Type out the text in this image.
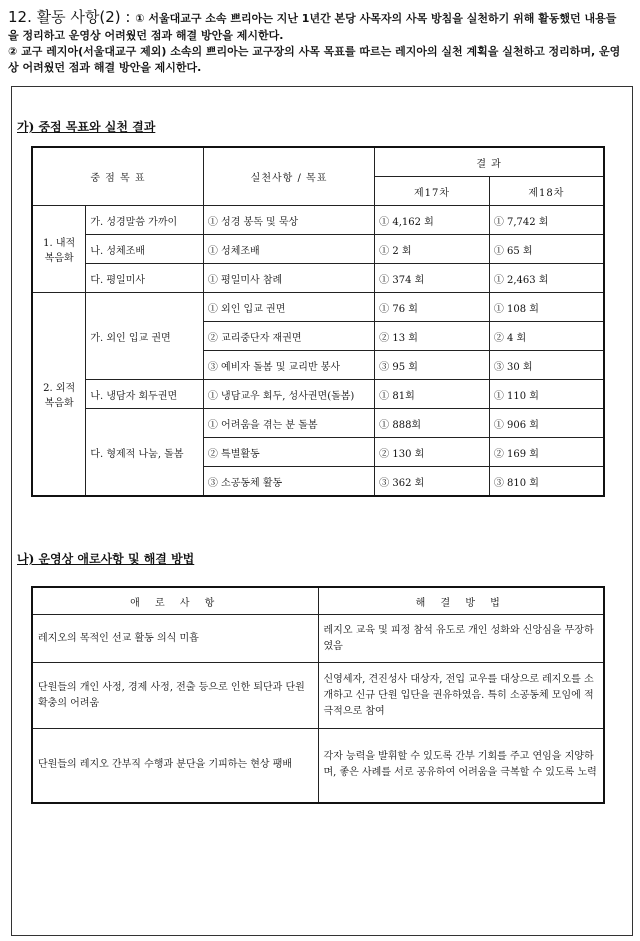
12. 활동 사항(2) : ① 서울대교구 소속 쁘리아는 지난 1년간 본당 사목자의 사목 방침을 실천하기 위해 활동했던 내용들
을 정리하고 운영상 어려웠던 점과 해결 방안을 제시한다.
② 교구 레지아(서울대교구 제외) 소속의 쁘리아는 교구장의 사목 목표를 따르는 레지아의 실천 계획을 실천하고 정리하며, 운영
상 어려웠던 점과 해결 방안을 제시한다.
가) 중점 목표와 실천 결과
중 점 목 표		실천사항 / 목표	결 과	
			제17차	제18차
1. 내적
복음화	가. 성경말씀 가까이	① 성경 봉독 및 묵상	① 4,162 회	① 7,742 회
	나. 성체조배	① 성체조배	① 2 회	① 65 회
	다. 평일미사	① 평일미사 참례	① 374 회	① 2,463 회
2. 외적
복음화	가. 외인 입교 권면	① 외인 입교 권면	① 76 회	① 108 회
		② 교리중단자 재권면	② 13 회	② 4 회
		③ 예비자 돌봄 및 교리반 봉사	③ 95 회	③ 30 회
	나. 냉담자 회두권면	① 냉담교우 회두, 성사권면(돌봄)	① 81회	① 110 회
	다. 형제적 나눔, 돌봄	① 어려움을 겪는 분 돌봄	① 888회	① 906 회
		② 특별활동	② 130 회	② 169 회
		③ 소공동체 활동	③ 362 회	③ 810 회
나) 운영상 애로사항 및 해결 방법
애 로 사 항	해 결 방 법
레지오의 목적인 선교 활동 의식 미흡	레지오 교육 및 피정 참석 유도로 개인 성화와 신앙심을 무장하였음
단원들의 개인 사정, 경제 사정, 전출 등으로 인한 퇴단과 단원 확충의 어려움	신영세자, 견진성사 대상자, 전입 교우를 대상으로 레지오를 소개하고 신규 단원 입단을 권유하였음. 특히 소공동체 모임에 적극적으로 참여
단원들의 레지오 간부직 수행과 분단을 기피하는 현상 팽배	각자 능력을 발휘할 수 있도록 간부 기회를 주고 연임을 지양하며, 좋은 사례를 서로 공유하여 어려움을 극복할 수 있도록 노력
